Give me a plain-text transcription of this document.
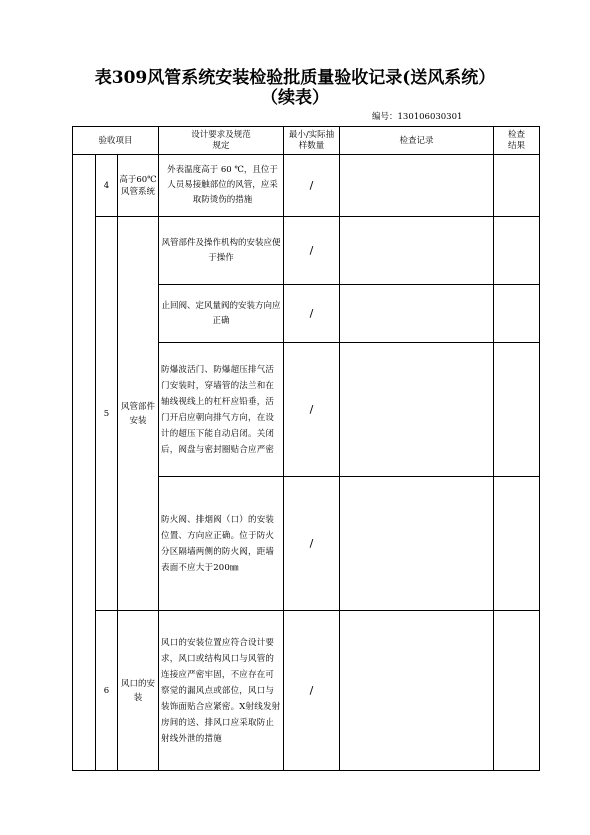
表309风管系统安装检验批质量验收记录(送风系统）
（续表）
编号：130106030301
验收项目			设计要求及规范规定	最小/实际抽样数量	检查记录	检查结果

	4	高于60℃风管系统	外表温度高于 60 ℃，且位于人员易接触部位的风管，应采取防烫伤的措施	/		
	5	风管部件安装	风管部件及操作机构的安装应便于操作	/		

			止回阀、定风量阀的安装方向应正确	/		

			防爆波活门、防爆超压排气活门安装时，穿墙管的法兰和在轴线视线上的杠杆应铅垂，活门开启应朝向排气方向，在设计的超压下能自动启闭。关闭后，阀盘与密封圈贴合应严密	/		

			防火阀、排烟阀（口）的安装位置、方向应正确。位于防火分区隔墙两侧的防火阀，距墙表面不应大于200㎜	/		
	6	风口的安装	风口的安装位置应符合设计要求，风口或结构风口与风管的连接应严密牢固，不应存在可察觉的漏风点或部位，风口与装饰面贴合应紧密。X射线发射房间的送、排风口应采取防止射线外泄的措施	/		
